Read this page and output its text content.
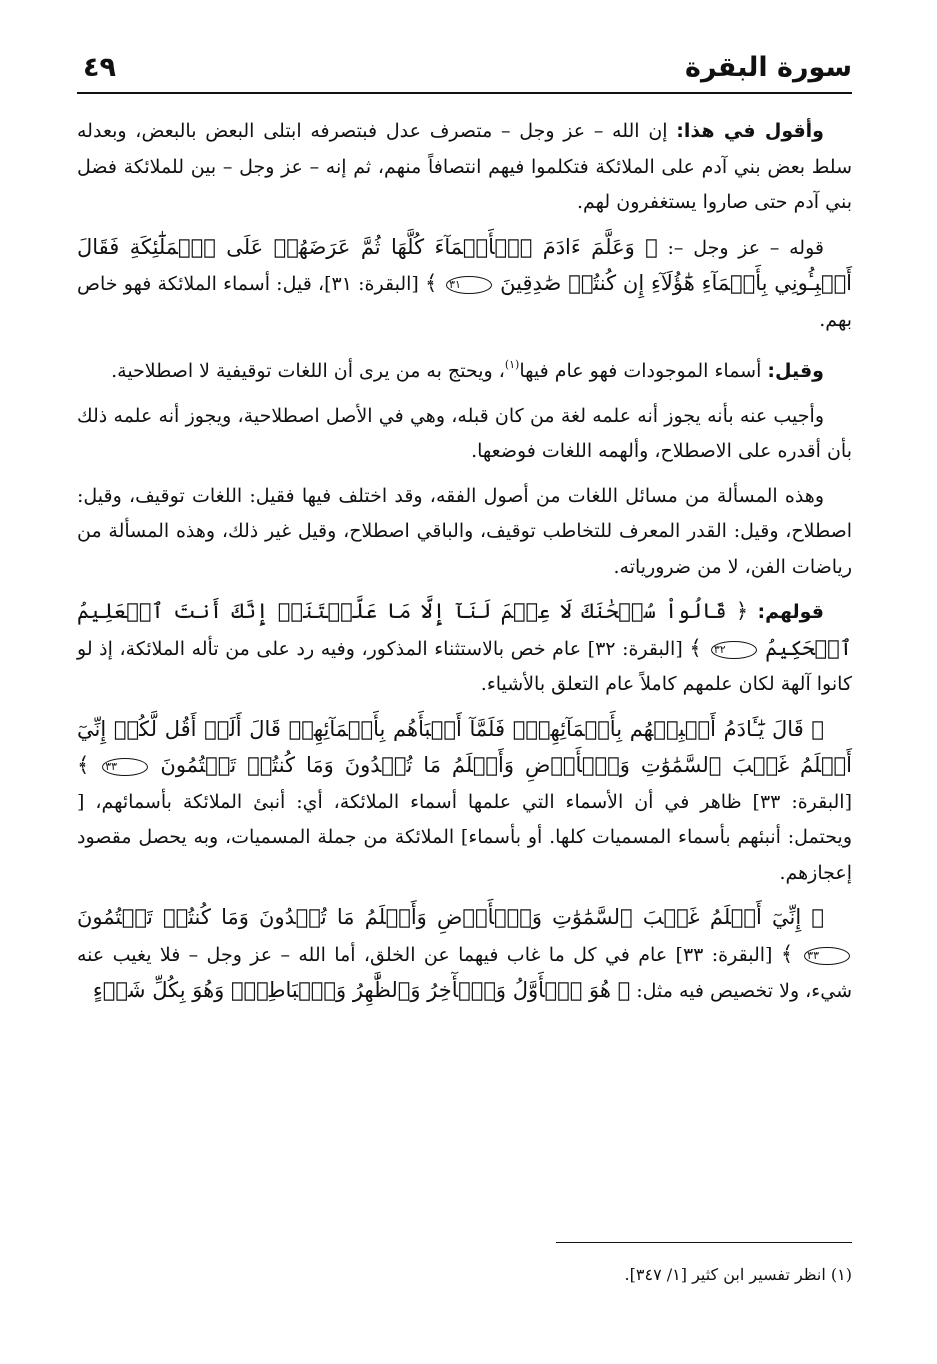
سورة البقرة
٤٩

وأقول في هذا: إن الله – عز وجل – متصرف عدل فبتصرفه ابتلى البعض بالبعض، وبعدله سلط بعض بني آدم على الملائكة فتكلموا فيهم انتصافاً منهم، ثم إنه – عز وجل – بين للملائكة فضل بني آدم حتى صاروا يستغفرون لهم.

قوله – عز وجل –: ﴿ وَعَلَّمَ ءَادَمَ ٱلۡأَسۡمَآءَ كُلَّهَا ثُمَّ عَرَضَهُمۡ عَلَى ٱلۡمَلَٰٓئِكَةِ فَقَالَ أَنۢبِـُٔونِي بِأَسۡمَآءِ هَٰٓؤُلَآءِ إِن كُنتُمۡ صَٰدِقِينَ ٣١ ﴾ [البقرة: ٣١]، قيل: أسماء الملائكة فهو خاص بهم.

وقيل: أسماء الموجودات فهو عام فيها$^{(١)}$، ويحتج به من يرى أن اللغات توقيفية لا اصطلاحية.

وأجيب عنه بأنه يجوز أنه علمه لغة من كان قبله، وهي في الأصل اصطلاحية، ويجوز أنه علمه ذلك بأن أقدره على الاصطلاح، وألهمه اللغات فوضعها.

وهذه المسألة من مسائل اللغات من أصول الفقه، وقد اختلف فيها فقيل: اللغات توقيف، وقيل: اصطلاح، وقيل: القدر المعرف للتخاطب توقيف، والباقي اصطلاح، وقيل غير ذلك، وهذه المسألة من رياضات الفن، لا من ضرورياته.

قولهم: ﴿ قَالُواْ سُبۡحَٰنَكَ لَا عِلۡمَ لَنَآ إِلَّا مَا عَلَّمۡتَنَآۖ إِنَّكَ أَنتَ ٱلۡعَلِيمُ ٱلۡحَكِيمُ ٣٢ ﴾ [البقرة: ٣٢] عام خص بالاستثناء المذكور، وفيه رد على من تأله الملائكة، إذ لو كانوا آلهة لكان علمهم كاملاً عام التعلق بالأشياء.

﴿ قَالَ يَٰٓـَٔادَمُ أَنۢبِئۡهُم بِأَسۡمَآئِهِمۡۖ فَلَمَّآ أَنۢبَأَهُم بِأَسۡمَآئِهِمۡ قَالَ أَلَمۡ أَقُل لَّكُمۡ إِنِّيٓ أَعۡلَمُ غَيۡبَ ٱلسَّمَٰوَٰتِ وَٱلۡأَرۡضِ وَأَعۡلَمُ مَا تُبۡدُونَ وَمَا كُنتُمۡ تَكۡتُمُونَ ٣٣ ﴾ [البقرة: ٣٣] ظاهر في أن الأسماء التي علمها أسماء الملائكة، أي: أنبئ الملائكة بأسمائهم، [ ويحتمل: أنبئهم بأسماء المسميات كلها. أو بأسماء] الملائكة من جملة المسميات، وبه يحصل مقصود إعجازهم.

﴿ إِنِّيٓ أَعۡلَمُ غَيۡبَ ٱلسَّمَٰوَٰتِ وَٱلۡأَرۡضِ وَأَعۡلَمُ مَا تُبۡدُونَ وَمَا كُنتُمۡ تَكۡتُمُونَ ٣٣ ﴾ [البقرة: ٣٣] عام في كل ما غاب فيهما عن الخلق، أما الله – عز وجل – فلا يغيب عنه شيء، ولا تخصيص فيه مثل: ﴿ هُوَ ٱلۡأَوَّلُ وَٱلۡأٓخِرُ وَٱلظَّٰهِرُ وَٱلۡبَاطِنُۖ وَهُوَ بِكُلِّ شَيۡءٍ

(١) انظر تفسير ابن كثير [١/ ٣٤٧].
